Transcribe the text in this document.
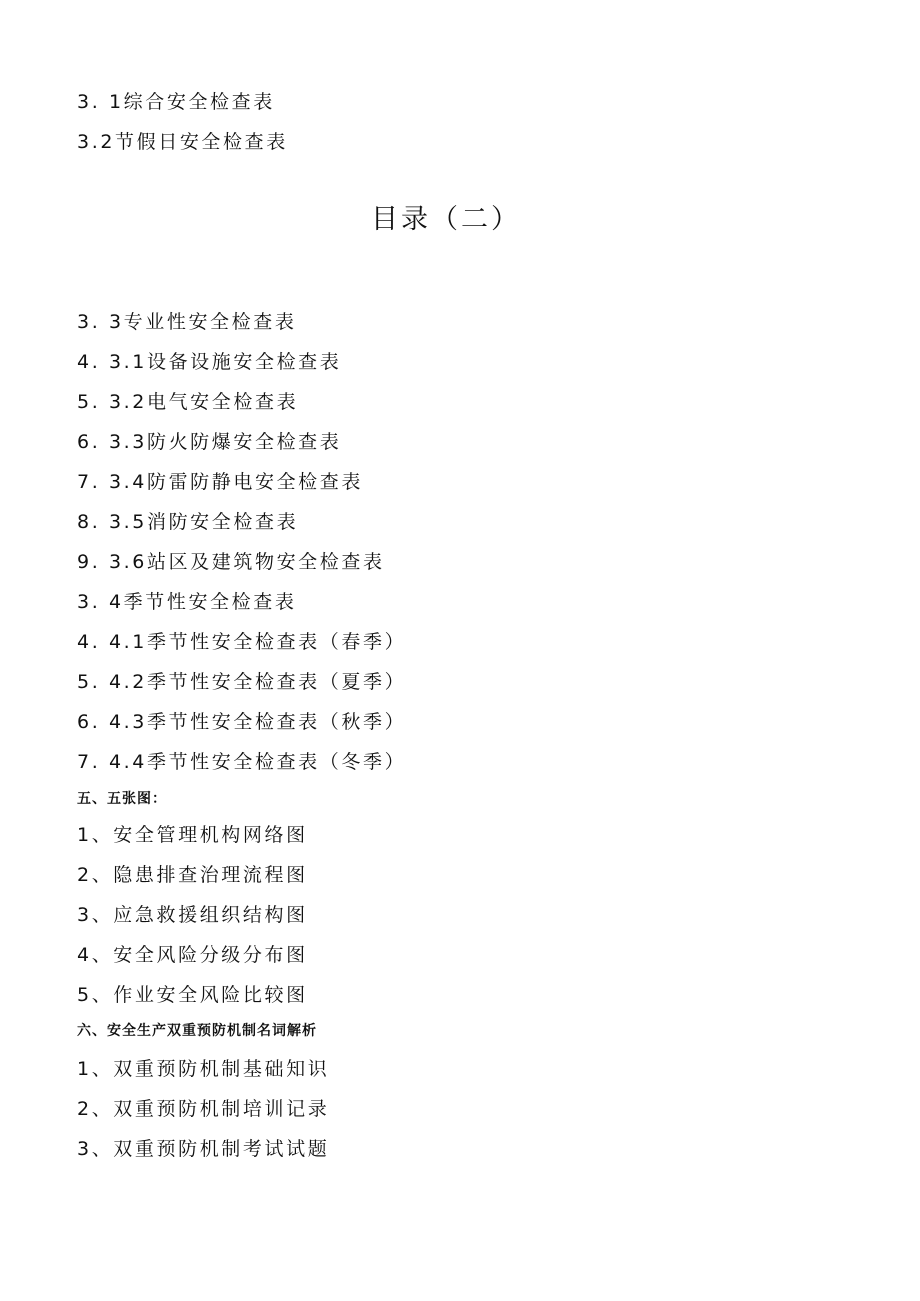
3. 1综合安全检查表
3.2节假日安全检查表
目录（二）
3. 3专业性安全检查表
4. 3.1设备设施安全检查表
5. 3.2电气安全检查表
6. 3.3防火防爆安全检查表
7. 3.4防雷防静电安全检查表
8. 3.5消防安全检查表
9. 3.6站区及建筑物安全检查表
3. 4季节性安全检查表
4. 4.1季节性安全检查表（春季）
5. 4.2季节性安全检查表（夏季）
6. 4.3季节性安全检查表（秋季）
7. 4.4季节性安全检查表（冬季）
五、五张图：
1、安全管理机构网络图
2、隐患排查治理流程图
3、应急救援组织结构图
4、安全风险分级分布图
5、作业安全风险比较图
六、安全生产双重预防机制名词解析
1、双重预防机制基础知识
2、双重预防机制培训记录
3、双重预防机制考试试题
